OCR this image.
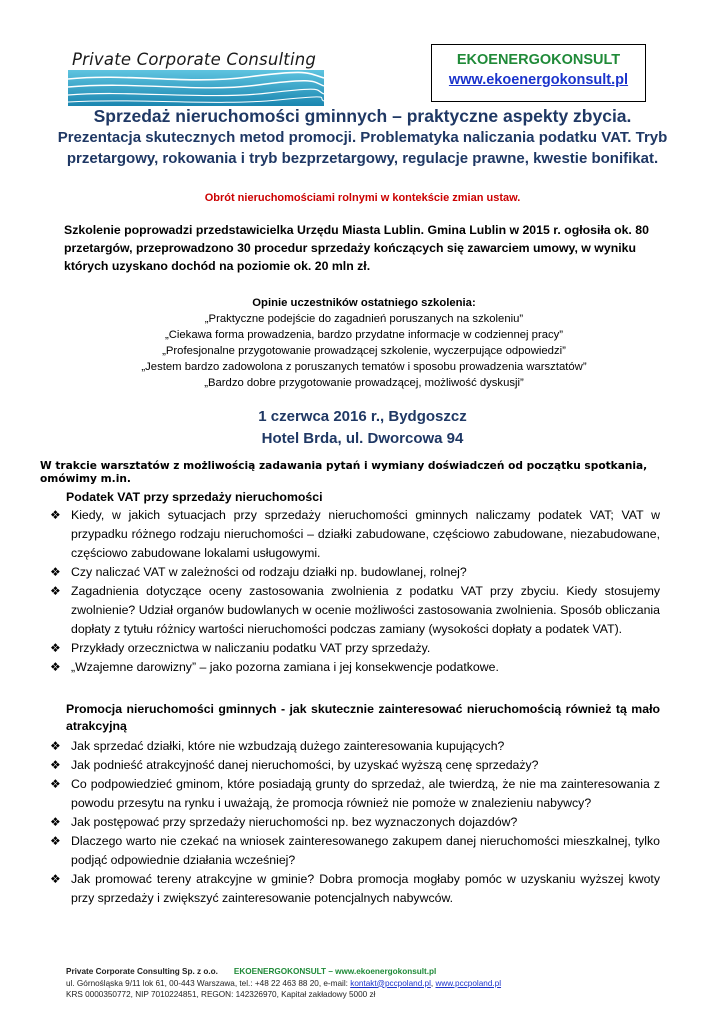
Private Corporate Consulting	EKOENERGOKONSULT
www.ekoenergokonsult.pl
Sprzedaż nieruchomości gminnych – praktyczne aspekty zbycia.
Prezentacja skutecznych metod promocji. Problematyka naliczania podatku VAT. Tryb przetargowy, rokowania i tryb bezprzetargowy, regulacje prawne, kwestie bonifikat.
Obrót nieruchomościami rolnymi w kontekście zmian ustaw.
Szkolenie poprowadzi przedstawicielka Urzędu Miasta Lublin. Gmina Lublin w 2015 r. ogłosiła ok. 80 przetargów, przeprowadzono 30 procedur sprzedaży kończących się zawarciem umowy, w wyniku których uzyskano dochód na poziomie ok. 20 mln zł.
Opinie uczestników ostatniego szkolenia:
„Praktyczne podejście do zagadnień poruszanych na szkoleniu”
„Ciekawa forma prowadzenia, bardzo przydatne informacje w codziennej pracy”
„Profesjonalne przygotowanie prowadzącej szkolenie, wyczerpujące odpowiedzi”
„Jestem bardzo zadowolona z poruszanych tematów i sposobu prowadzenia warsztatów”
„Bardzo dobre przygotowanie prowadzącej, możliwość dyskusji”
1 czerwca 2016 r., Bydgoszcz
Hotel Brda, ul. Dworcowa 94
W trakcie warsztatów z możliwością zadawania pytań i wymiany doświadczeń od początku spotkania, omówimy m.in.
Podatek VAT przy sprzedaży nieruchomości
❖ Kiedy, w jakich sytuacjach przy sprzedaży nieruchomości gminnych naliczamy podatek VAT; VAT w przypadku różnego rodzaju nieruchomości – działki zabudowane, częściowo zabudowane, niezabudowane, częściowo zabudowane lokalami usługowymi.
❖ Czy naliczać VAT w zależności od rodzaju działki np. budowlanej, rolnej?
❖ Zagadnienia dotyczące oceny zastosowania zwolnienia z podatku VAT przy zbyciu. Kiedy stosujemy zwolnienie? Udział organów budowlanych w ocenie możliwości zastosowania zwolnienia. Sposób obliczania dopłaty z tytułu różnicy wartości nieruchomości podczas zamiany (wysokości dopłaty a podatek VAT).
❖ Przykłady orzecznictwa w naliczaniu podatku VAT przy sprzedaży.
❖ „Wzajemne darowizny” – jako pozorna zamiana i jej konsekwencje podatkowe.
Promocja nieruchomości gminnych - jak skutecznie zainteresować nieruchomością również tą mało atrakcyjną
❖ Jak sprzedać działki, które nie wzbudzają dużego zainteresowania kupujących?
❖ Jak podnieść atrakcyjność danej nieruchomości, by uzyskać wyższą cenę sprzedaży?
❖ Co podpowiedzieć gminom, które posiadają grunty do sprzedaż, ale twierdzą, że nie ma zainteresowania z powodu przesytu na rynku i uważają, że promocja również nie pomoże w znalezieniu nabywcy?
❖ Jak postępować przy sprzedaży nieruchomości np. bez wyznaczonych dojazdów?
❖ Dlaczego warto nie czekać na wniosek zainteresowanego zakupem danej nieruchomości mieszkalnej, tylko podjąć odpowiednie działania wcześniej?
❖ Jak promować tereny atrakcyjne w gminie? Dobra promocja mogłaby pomóc w uzyskaniu wyższej kwoty przy sprzedaży i zwiększyć zainteresowanie potencjalnych nabywców.
Private Corporate Consulting Sp. z o.o. EKOENERGOKONSULT – www.ekoenergokonsult.pl
ul. Górnośląska 9/11 lok 61, 00-443 Warszawa, tel.: +48 22 463 88 20, e-mail: kontakt@pccpoland.pl, www.pccpoland.pl
KRS 0000350772, NIP 7010224851, REGON: 142326970, Kapitał zakładowy 5000 zł
